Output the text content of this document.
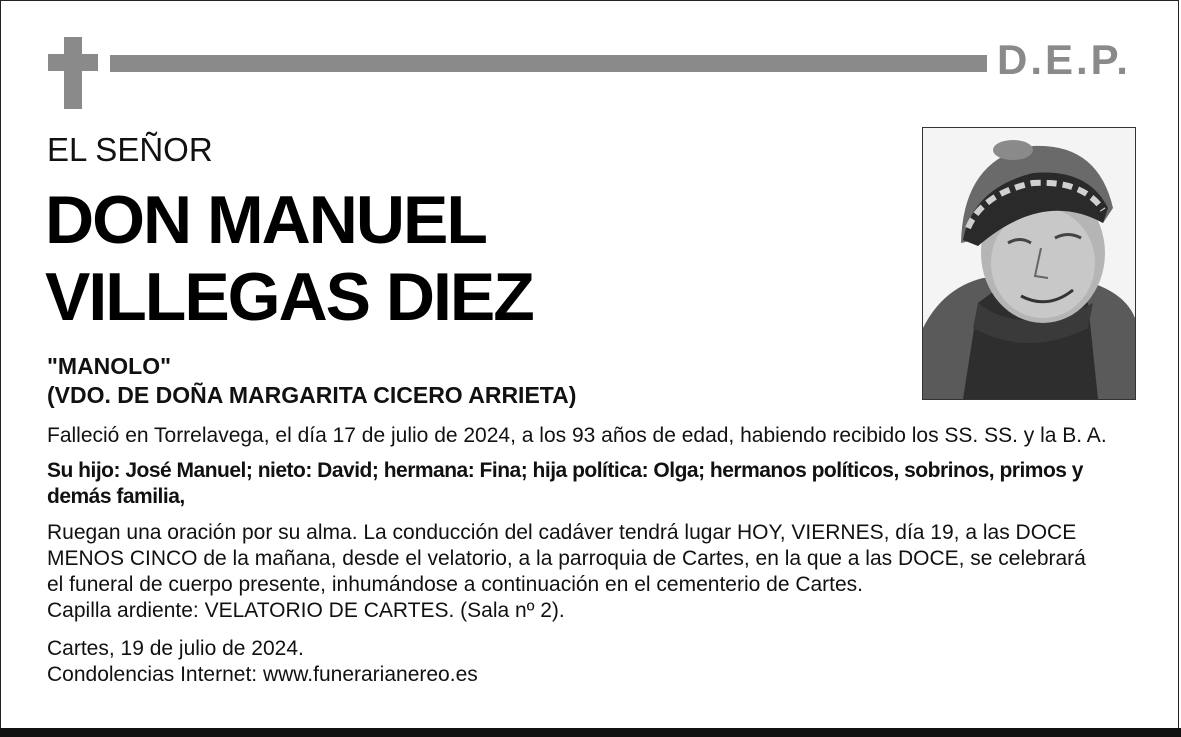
D.E.P.
EL SEÑOR
DON MANUEL
VILLEGAS DIEZ
"MANOLO"
(VDO. DE DOÑA MARGARITA CICERO ARRIETA)
Falleció en Torrelavega, el día 17 de julio de 2024, a los 93 años de edad, habiendo recibido los SS. SS. y la B. A.
Su hijo: José Manuel; nieto: David; hermana: Fina; hija política: Olga; hermanos políticos, sobrinos, primos y demás familia,
Ruegan una oración por su alma. La conducción del cadáver tendrá lugar HOY, VIERNES, día 19, a las DOCE
MENOS CINCO de la mañana, desde el velatorio, a la parroquia de Cartes, en la que a las DOCE, se celebrará
el funeral de cuerpo presente, inhumándose a continuación en el cementerio de Cartes.
Capilla ardiente: VELATORIO DE CARTES. (Sala nº 2).
Cartes, 19 de julio de 2024.
Condolencias Internet: www.funerarianereo.es
